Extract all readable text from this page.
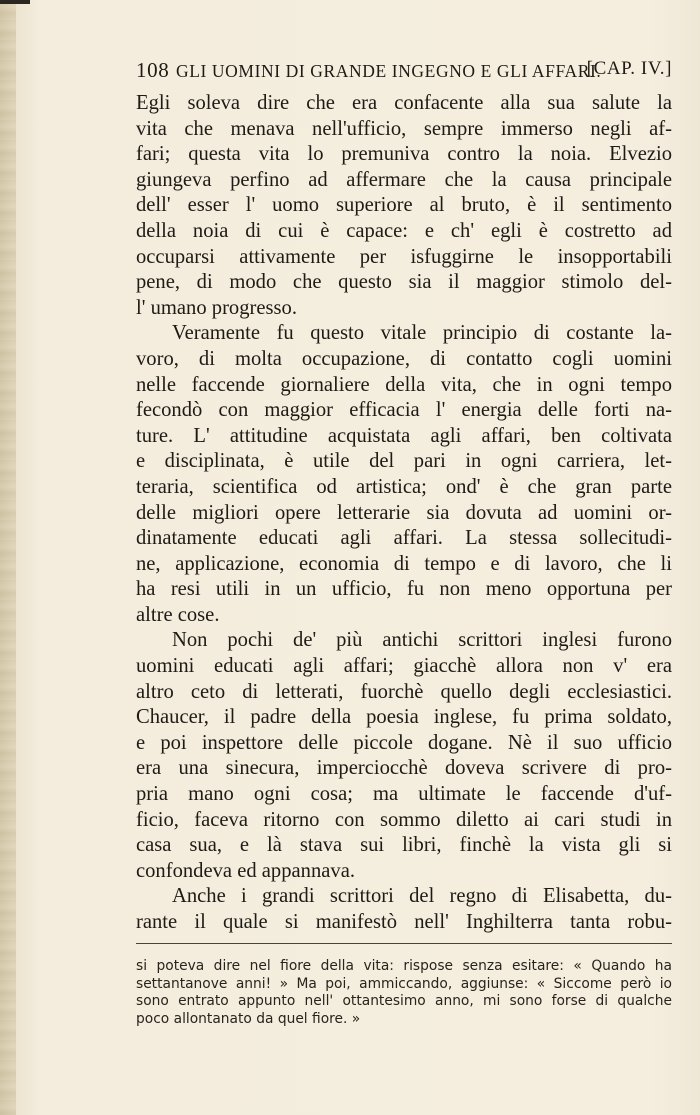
108 GLI UOMINI DI GRANDE INGEGNO E GLI AFFARI.
[CAP. IV.]
Egli soleva dire che era confacente alla sua salute la
vita che menava nell'ufficio, sempre immerso negli af-
fari; questa vita lo premuniva contro la noia. Elvezio
giungeva perfino ad affermare che la causa principale
dell' esser l' uomo superiore al bruto, è il sentimento
della noia di cui è capace: e ch' egli è costretto ad
occuparsi attivamente per isfuggirne le insopportabili
pene, di modo che questo sia il maggior stimolo del-
l' umano progresso.
Veramente fu questo vitale principio di costante la-
voro, di molta occupazione, di contatto cogli uomini
nelle faccende giornaliere della vita, che in ogni tempo
fecondò con maggior efficacia l' energia delle forti na-
ture. L' attitudine acquistata agli affari, ben coltivata
e disciplinata, è utile del pari in ogni carriera, let-
teraria, scientifica od artistica; ond' è che gran parte
delle migliori opere letterarie sia dovuta ad uomini or-
dinatamente educati agli affari. La stessa sollecitudi-
ne, applicazione, economia di tempo e di lavoro, che li
ha resi utili in un ufficio, fu non meno opportuna per
altre cose.
Non pochi de' più antichi scrittori inglesi furono
uomini educati agli affari; giacchè allora non v' era
altro ceto di letterati, fuorchè quello degli ecclesiastici.
Chaucer, il padre della poesia inglese, fu prima soldato,
e poi inspettore delle piccole dogane. Nè il suo ufficio
era una sinecura, imperciocchè doveva scrivere di pro-
pria mano ogni cosa; ma ultimate le faccende d'uf-
ficio, faceva ritorno con sommo diletto ai cari studi in
casa sua, e là stava sui libri, finchè la vista gli si
confondeva ed appannava.
Anche i grandi scrittori del regno di Elisabetta, du-
rante il quale si manifestò nell' Inghilterra tanta robu-
si poteva dire nel fiore della vita: rispose senza esitare: « Quando ha
settantanove anni! » Ma poi, ammiccando, aggiunse: « Siccome però io
sono entrato appunto nell' ottantesimo anno, mi sono forse di qualche
poco allontanato da quel fiore. »
